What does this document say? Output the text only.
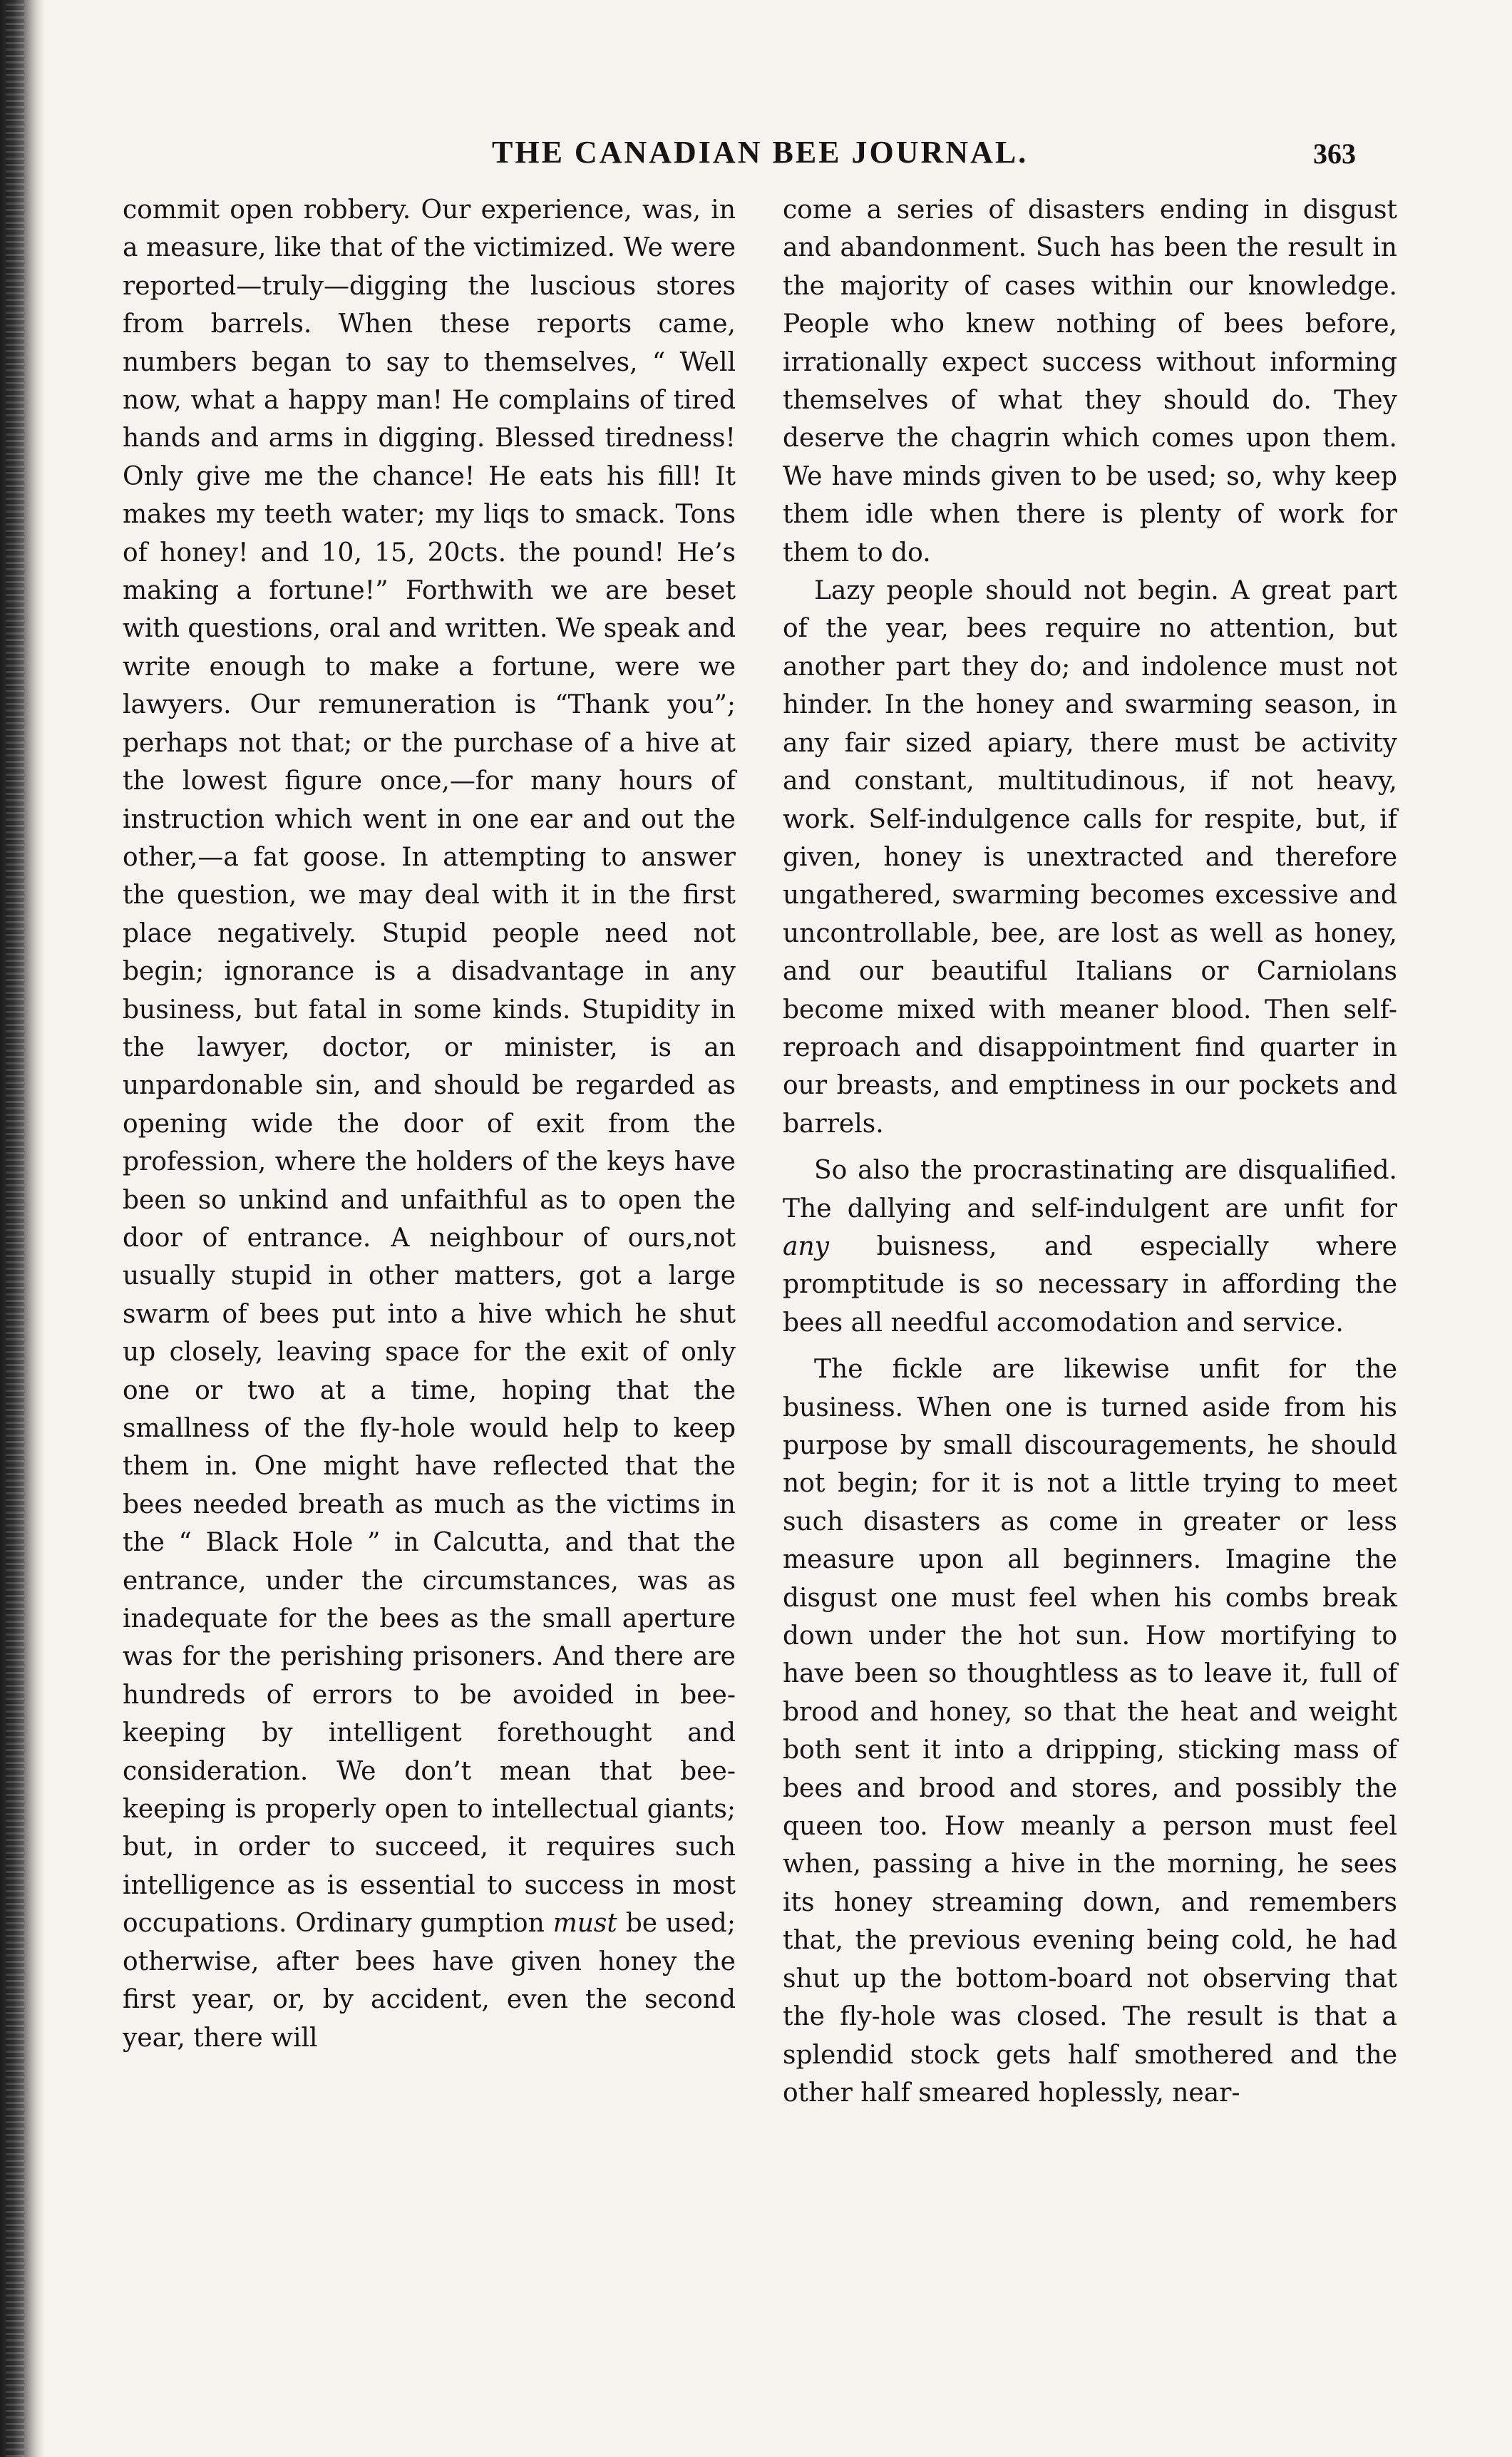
THE CANADIAN BEE JOURNAL.	363

commit open robbery. Our experience, was, in a measure, like that of the victimized. We were reported—truly—digging the luscious stores from barrels. When these reports came, numbers began to say to themselves, “ Well now, what a happy man! He complains of tired hands and arms in digging. Blessed tiredness! Only give me the chance! He eats his fill! It makes my teeth water; my liqs to smack. Tons of honey! and 10, 15, 20cts. the pound! He’s making a fortune!” Forthwith we are beset with questions, oral and written. We speak and write enough to make a fortune, were we lawyers. Our remuneration is “Thank you”; perhaps not that; or the purchase of a hive at the lowest figure once,—for many hours of instruction which went in one ear and out the other,—a fat goose. In attempting to answer the question, we may deal with it in the first place negatively. Stupid people need not begin; ignorance is a disadvantage in any business, but fatal in some kinds. Stupidity in the lawyer, doctor, or minister, is an unpardonable sin, and should be regarded as opening wide the door of exit from the profession, where the holders of the keys have been so unkind and unfaithful as to open the door of entrance. A neighbour of ours,not usually stupid in other matters, got a large swarm of bees put into a hive which he shut up closely, leaving space for the exit of only one or two at a time, hoping that the smallness of the fly-hole would help to keep them in. One might have reflected that the bees needed breath as much as the victims in the “ Black Hole ” in Calcutta, and that the entrance, under the circumstances, was as inadequate for the bees as the small aperture was for the perishing prisoners. And there are hundreds of errors to be avoided in bee-keeping by intelligent forethought and consideration. We don’t mean that bee-keeping is properly open to intellectual giants; but, in order to succeed, it requires such intelligence as is essential to success in most occupations. Ordinary gumption must be used; otherwise, after bees have given honey the first year, or, by accident, even the second year, there will

come a series of disasters ending in disgust and abandonment. Such has been the result in the majority of cases within our knowledge. People who knew nothing of bees before, irrationally expect success without informing themselves of what they should do. They deserve the chagrin which comes upon them. We have minds given to be used; so, why keep them idle when there is plenty of work for them to do.

Lazy people should not begin. A great part of the year, bees require no attention, but another part they do; and indolence must not hinder. In the honey and swarming season, in any fair sized apiary, there must be activity and constant, multitudinous, if not heavy, work. Self-indulgence calls for respite, but, if given, honey is unextracted and therefore ungathered, swarming becomes excessive and uncontrollable, bee, are lost as well as honey, and our beautiful Italians or Carniolans become mixed with meaner blood. Then self-reproach and disappointment find quarter in our breasts, and emptiness in our pockets and barrels.

So also the procrastinating are disqualified. The dallying and self-indulgent are unfit for any buisness, and especially where promptitude is so necessary in affording the bees all needful accomodation and service.

The fickle are likewise unfit for the business. When one is turned aside from his purpose by small discouragements, he should not begin; for it is not a little trying to meet such disasters as come in greater or less measure upon all beginners. Imagine the disgust one must feel when his combs break down under the hot sun. How mortifying to have been so thoughtless as to leave it, full of brood and honey, so that the heat and weight both sent it into a dripping, sticking mass of bees and brood and stores, and possibly the queen too. How meanly a person must feel when, passing a hive in the morning, he sees its honey streaming down, and remembers that, the previous evening being cold, he had shut up the bottom-board not observing that the fly-hole was closed. The result is that a splendid stock gets half smothered and the other half smeared hoplessly, near-
